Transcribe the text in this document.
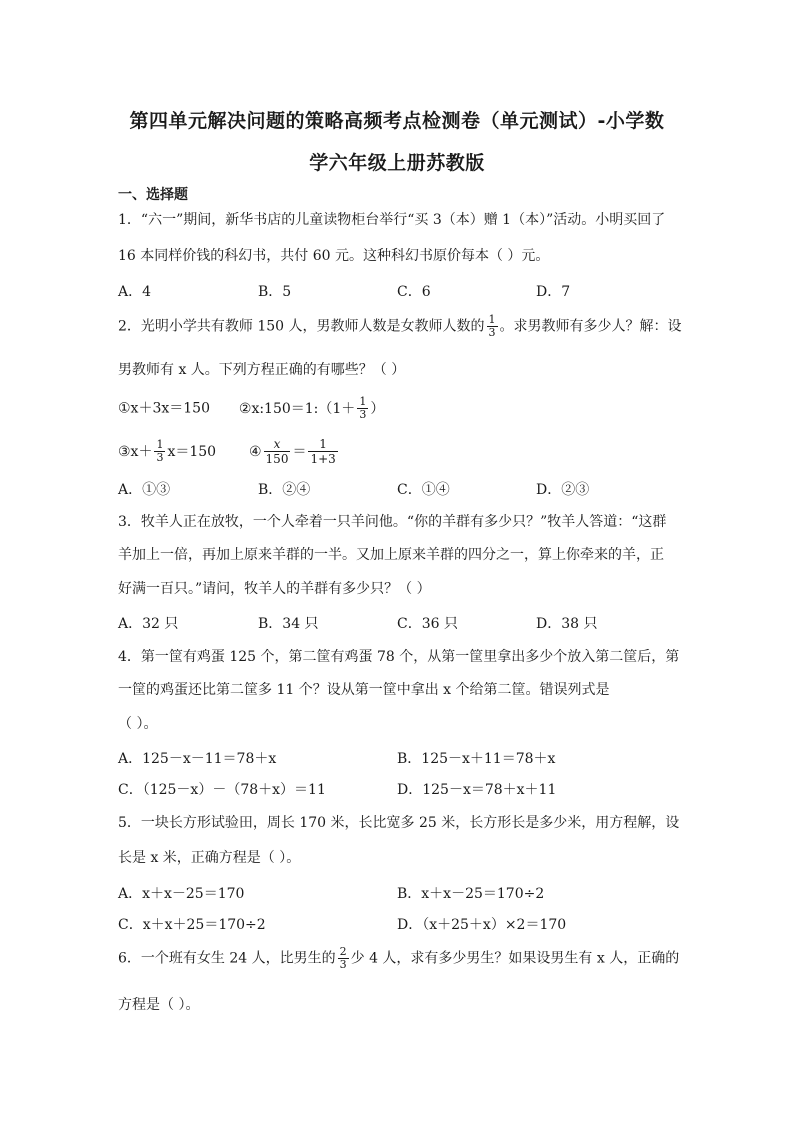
第四单元解决问题的策略高频考点检测卷（单元测试）-小学数
学六年级上册苏教版
一、选择题
1．“六一”期间，新华书店的儿童读物柜台举行“买 3（本）赠 1（本）”活动。小明买回了
16 本同样价钱的科幻书，共付 60 元。这种科幻书原价每本（ ）元。
A．4	B．5	C．6	D．7
2．光明小学共有教师 150 人，男教师人数是女教师人数的 $\frac{1}{3}$ 。求男教师有多少人？解：设
男教师有 x 人。下列方程正确的有哪些？（ ）
①x＋3x＝150 ②x:150＝1:（1＋ $\frac{1}{3}$ ）
③x＋ $\frac{1}{3} x=150$ ④ $\frac{x}{150} = \frac{1}{1+3}$
A．①③	B．②④	C．①④	D．②③
3．牧羊人正在放牧，一个人牵着一只羊问他。“你的羊群有多少只？”牧羊人答道：“这群
羊加上一倍，再加上原来羊群的一半。又加上原来羊群的四分之一，算上你牵来的羊，正
好满一百只。”请问，牧羊人的羊群有多少只？（ ）
A．32 只	B．34 只	C．36 只	D．38 只
4．第一筐有鸡蛋 125 个，第二筐有鸡蛋 78 个，从第一筐里拿出多少个放入第二筐后，第
一筐的鸡蛋还比第二筐多 11 个？设从第一筐中拿出 x 个给第二筐。错误列式是
（ ）。
A．125－x－11＝78＋x	B．125－x＋11＝78＋x
C．（125－x）－（78＋x）＝11	D．125－x＝78＋x＋11
5．一块长方形试验田，周长 170 米，长比宽多 25 米，长方形长是多少米，用方程解，设
长是 x 米，正确方程是（ ）。
A．x＋x－25＝170	B．x＋x－25＝170÷2
C．x＋x＋25＝170÷2	D．（x＋25＋x）×2＝170
6．一个班有女生 24 人，比男生的 $\frac{2}{3}$ 少 4 人，求有多少男生？如果设男生有 x 人，正确的
方程是（ ）。
